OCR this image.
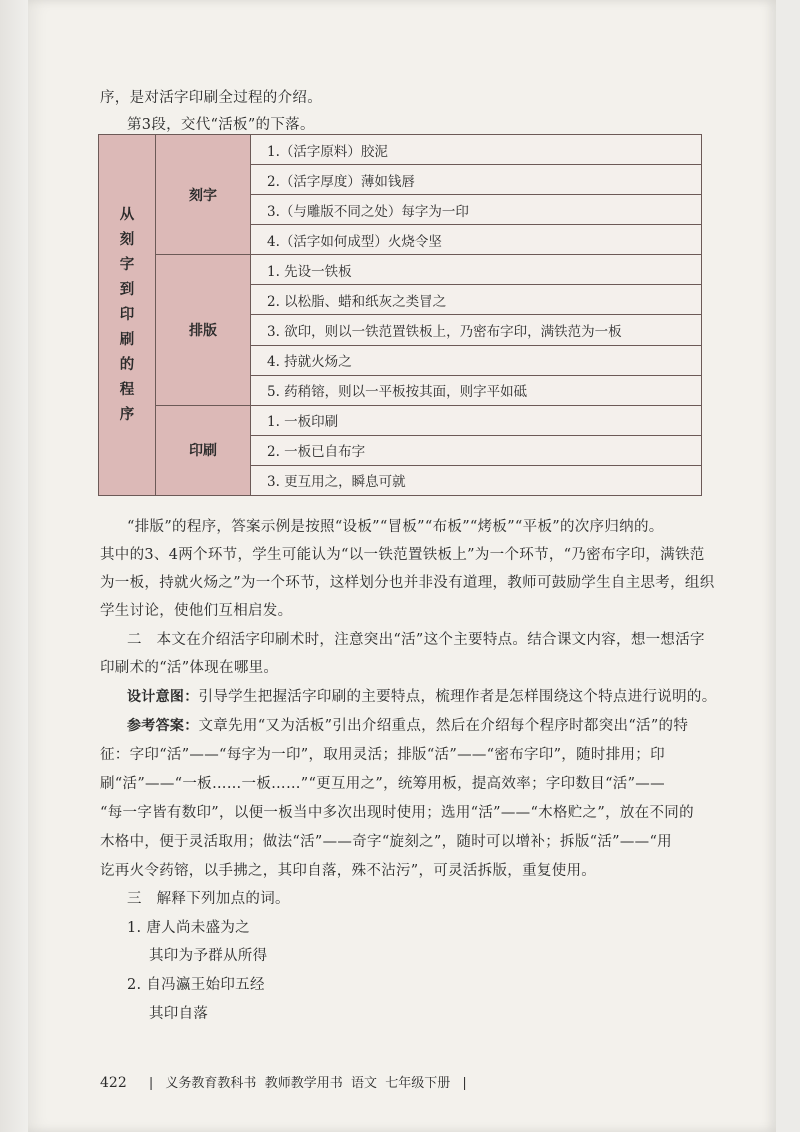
序，是对活字印刷全过程的介绍。
第3段，交代“活板”的下落。
从刻字到印刷的程序	刻字	1.（活字原料）胶泥
		2.（活字厚度）薄如钱唇
		3.（与雕版不同之处）每字为一印
		4.（活字如何成型）火烧令坚
	排版	1. 先设一铁板
		2. 以松脂、蜡和纸灰之类冒之
		3. 欲印，则以一铁范置铁板上，乃密布字印，满铁范为一板
		4. 持就火炀之
		5. 药稍镕，则以一平板按其面，则字平如砥
	印刷	1. 一板印刷
		2. 一板已自布字
		3. 更互用之，瞬息可就
“排版”的程序，答案示例是按照“设板”“冒板”“布板”“烤板”“平板”的次序归纳的。
其中的3、4两个环节，学生可能认为“以一铁范置铁板上”为一个环节，“乃密布字印，满铁范
为一板，持就火炀之”为一个环节，这样划分也并非没有道理，教师可鼓励学生自主思考，组织
学生讨论，使他们互相启发。
二　本文在介绍活字印刷术时，注意突出“活”这个主要特点。结合课文内容，想一想活字
印刷术的“活”体现在哪里。
设计意图：引导学生把握活字印刷的主要特点，梳理作者是怎样围绕这个特点进行说明的。
参考答案：文章先用“又为活板”引出介绍重点，然后在介绍每个程序时都突出“活”的特
征：字印“活”——“每字为一印”，取用灵活；排版“活”——“密布字印”，随时排用；印
刷“活”——“一板……一板……”“更互用之”，统筹用板，提高效率；字印数目“活”——
“每一字皆有数印”，以便一板当中多次出现时使用；选用“活”——“木格贮之”，放在不同的
木格中，便于灵活取用；做法“活”——奇字“旋刻之”，随时可以增补；拆版“活”——“用
讫再火令药镕，以手拂之，其印自落，殊不沾污”，可灵活拆版，重复使用。
三　解释下列加点的词。
1. 唐人尚未盛为之
其印为予群从所得
2. 自冯瀛王始印五经
其印自落
422 | 义务教育教科书 教师教学用书 语文 七年级下册 |
